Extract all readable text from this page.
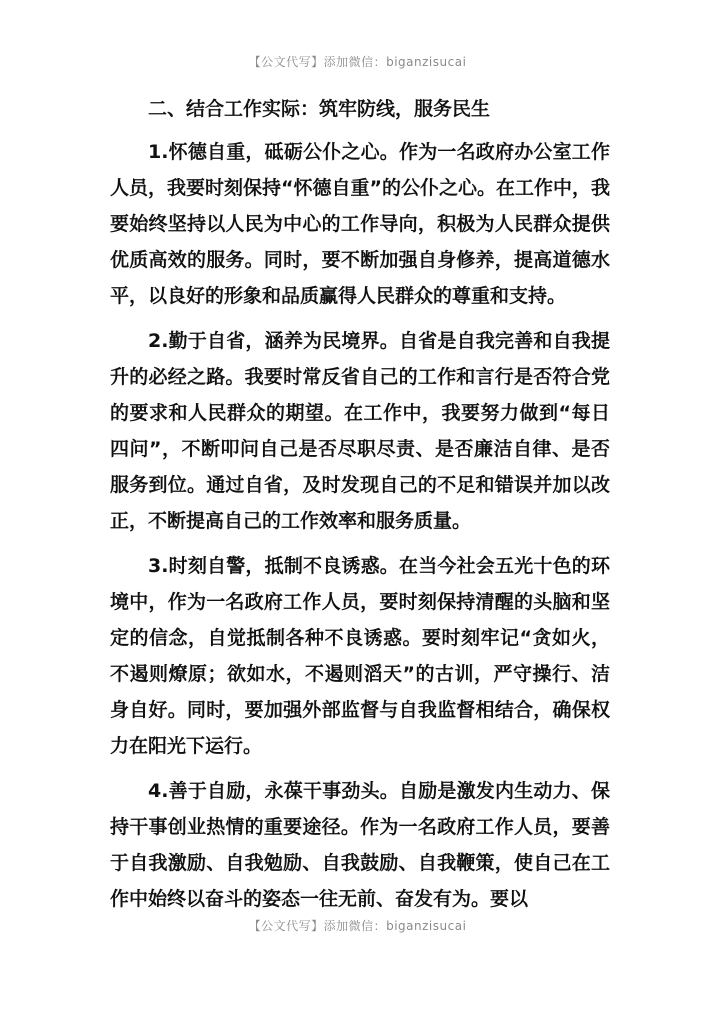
【公文代写】添加微信：biganzisucai
二、结合工作实际：筑牢防线，服务民生

1.怀德自重，砥砺公仆之心。作为一名政府办公室工作人员，我要时刻保持“怀德自重”的公仆之心。在工作中，我要始终坚持以人民为中心的工作导向，积极为人民群众提供优质高效的服务。同时，要不断加强自身修养，提高道德水平，以良好的形象和品质赢得人民群众的尊重和支持。

2.勤于自省，涵养为民境界。自省是自我完善和自我提升的必经之路。我要时常反省自己的工作和言行是否符合党的要求和人民群众的期望。在工作中，我要努力做到“每日四问”，不断叩问自己是否尽职尽责、是否廉洁自律、是否服务到位。通过自省，及时发现自己的不足和错误并加以改正，不断提高自己的工作效率和服务质量。

3.时刻自警，抵制不良诱惑。在当今社会五光十色的环境中，作为一名政府工作人员，要时刻保持清醒的头脑和坚定的信念，自觉抵制各种不良诱惑。要时刻牢记“贪如火，不遏则燎原；欲如水，不遏则滔天”的古训，严守操行、洁身自好。同时，要加强外部监督与自我监督相结合，确保权力在阳光下运行。

4.善于自励，永葆干事劲头。自励是激发内生动力、保持干事创业热情的重要途径。作为一名政府工作人员，要善于自我激励、自我勉励、自我鼓励、自我鞭策，使自己在工作中始终以奋斗的姿态一往无前、奋发有为。要以

【公文代写】添加微信：biganzisucai
